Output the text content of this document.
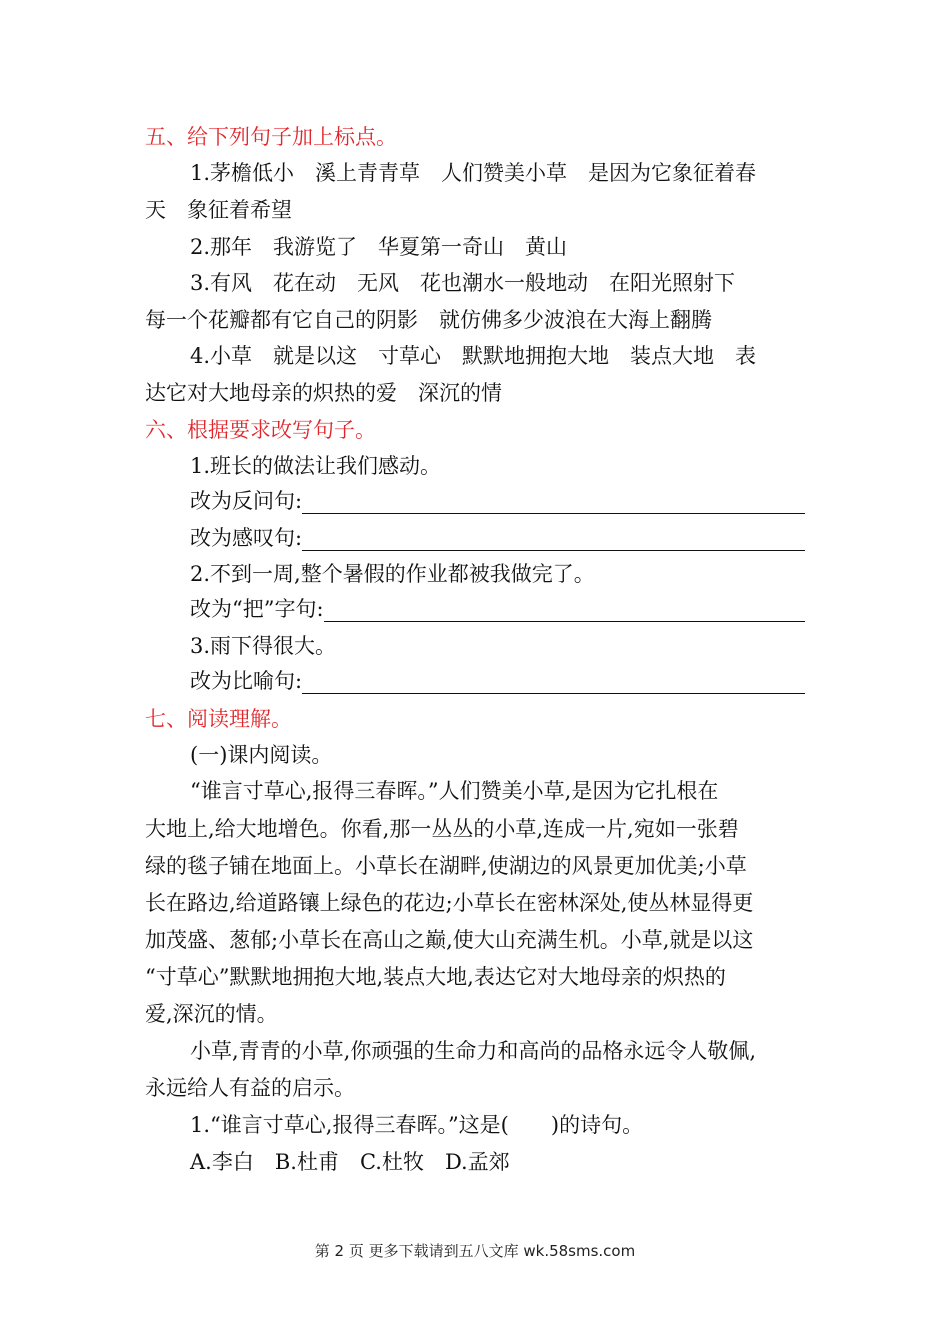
五、给下列句子加上标点。
1.茅檐低小　溪上青青草　人们赞美小草　是因为它象征着春
天　象征着希望
2.那年　我游览了　华夏第一奇山　黄山
3.有风　花在动　无风　花也潮水一般地动　在阳光照射下
每一个花瓣都有它自己的阴影　就仿佛多少波浪在大海上翻腾
4.小草　就是以这　寸草心　默默地拥抱大地　装点大地　表
达它对大地母亲的炽热的爱　深沉的情
六、根据要求改写句子。
1.班长的做法让我们感动。
改为反问句:
改为感叹句:
2.不到一周,整个暑假的作业都被我做完了。
改为“把”字句:
3.雨下得很大。
改为比喻句:
七、阅读理解。
(一)课内阅读。
“谁言寸草心,报得三春晖。”人们赞美小草,是因为它扎根在
大地上,给大地增色。你看,那一丛丛的小草,连成一片,宛如一张碧
绿的毯子铺在地面上。小草长在湖畔,使湖边的风景更加优美;小草
长在路边,给道路镶上绿色的花边;小草长在密林深处,使丛林显得更
加茂盛、葱郁;小草长在高山之巅,使大山充满生机。小草,就是以这
“寸草心”默默地拥抱大地,装点大地,表达它对大地母亲的炽热的
爱,深沉的情。
小草,青青的小草,你顽强的生命力和高尚的品格永远令人敬佩,
永远给人有益的启示。
1.“谁言寸草心,报得三春晖。”这是(　　)的诗句。
A.李白　B.杜甫　C.杜牧　D.孟郊
第 2 页 更多下载请到五八文库 wk.58sms.com
